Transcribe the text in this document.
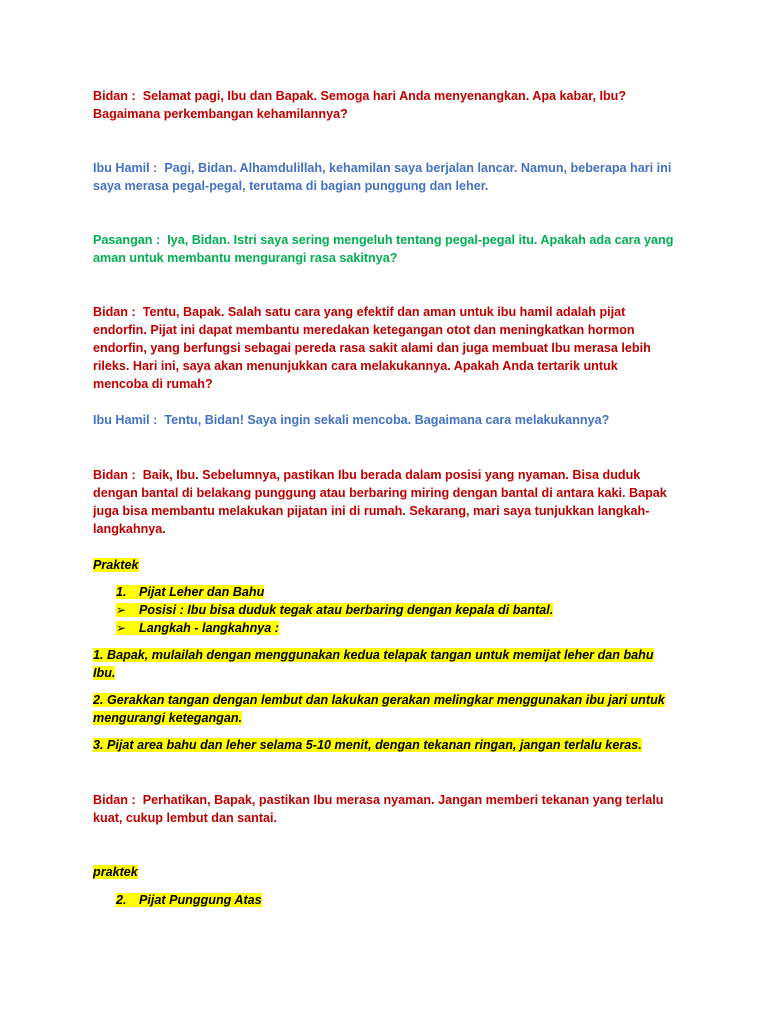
Bidan : Selamat pagi, Ibu dan Bapak. Semoga hari Anda menyenangkan. Apa kabar, Ibu? Bagaimana perkembangan kehamilannya?

Ibu Hamil : Pagi, Bidan. Alhamdulillah, kehamilan saya berjalan lancar. Namun, beberapa hari ini saya merasa pegal-pegal, terutama di bagian punggung dan leher.

Pasangan : Iya, Bidan. Istri saya sering mengeluh tentang pegal-pegal itu. Apakah ada cara yang aman untuk membantu mengurangi rasa sakitnya?

Bidan : Tentu, Bapak. Salah satu cara yang efektif dan aman untuk ibu hamil adalah pijat endorfin. Pijat ini dapat membantu meredakan ketegangan otot dan meningkatkan hormon endorfin, yang berfungsi sebagai pereda rasa sakit alami dan juga membuat Ibu merasa lebih rileks. Hari ini, saya akan menunjukkan cara melakukannya. Apakah Anda tertarik untuk mencoba di rumah?

Ibu Hamil : Tentu, Bidan! Saya ingin sekali mencoba. Bagaimana cara melakukannya?

Bidan : Baik, Ibu. Sebelumnya, pastikan Ibu berada dalam posisi yang nyaman. Bisa duduk dengan bantal di belakang punggung atau berbaring miring dengan bantal di antara kaki. Bapak juga bisa membantu melakukan pijatan ini di rumah. Sekarang, mari saya tunjukkan langkah-langkahnya.

Praktek

1. Pijat Leher dan Bahu

➢ Posisi : Ibu bisa duduk tegak atau berbaring dengan kepala di bantal.

➢ Langkah - langkahnya :

1. Bapak, mulailah dengan menggunakan kedua telapak tangan untuk memijat leher dan bahu Ibu.

2. Gerakkan tangan dengan lembut dan lakukan gerakan melingkar menggunakan ibu jari untuk mengurangi ketegangan.

3. Pijat area bahu dan leher selama 5-10 menit, dengan tekanan ringan, jangan terlalu keras.

Bidan : Perhatikan, Bapak, pastikan Ibu merasa nyaman. Jangan memberi tekanan yang terlalu kuat, cukup lembut dan santai.

praktek

2. Pijat Punggung Atas
